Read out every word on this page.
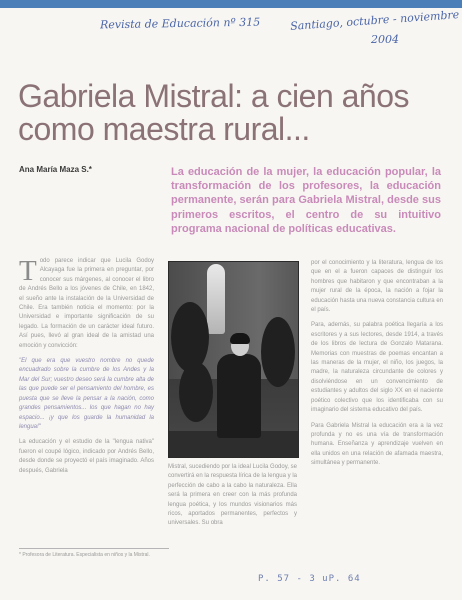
Revista de Educación nº 315	Santiago, octubre - noviembre
2004
Gabriela Mistral: a cien años como maestra rural...
Ana María Maza S.*	La educación de la mujer, la educación popular, la transformación de los profesores, la educación permanente, serán para Gabriela Mistral, desde sus primeros escritos, el centro de su intuitivo programa nacional de políticas educativas.

Todo parece indicar que Lucila Godoy Alcayaga fue la primera en preguntar, por conocer sus márgenes, al conocer el libro de Andrés Bello a los jóvenes de Chile, en 1842, el sueño ante la instalación de la Universidad de Chile. Era también noticia el momento: por la Universidad e importante significación de su legado. La formación de un carácter ideal futuro. Así pues, llevó al gran ideal de la amistad una emoción y convicción:

"El que era que vuestro nombre no quede encuadrado sobre la cumbre de los Andes y la Mar del Sur; vuestro deseo será la cumbre alta de las que puede ser el pensamiento del hombre, es puesta que se lleve la pensar a la nación, como grandes pensamientos... los que hagan no hay espacio... ¡y que los guarde la humanidad la lengua!"

La educación y el estudio de la "lengua nativa" fueron el coupé lógico, indicado por Andrés Bello, desde donde se proyectó el país imaginado. Años después, Gabriela

Mistral, sucediendo por la ideal Lucila Godoy, se convertirá en la respuesta lírica de la lengua y la perfección de cabo a la cabo la naturaleza. Ella será la primera en creer con la más profunda lengua poética, y los mundos visionarios más ricos, aportados permanentes, perfectos y universales. Su obra

por el conocimiento y la literatura, lengua de los que en el a fueron capaces de distinguir los hombres que habitaron y que encontraban a la mujer rural de la época, la nación a fojar la educación hasta una nueva constancia cultura en el país.

Para, además, su palabra poética llegaría a los escritores y a sus lectores, desde 1914, a través de los libros de lectura de Gonzalo Matarana. Memorias con muestras de poemas encantan a las maneras de la mujer, el niño, los juegos, la madre, la naturaleza circundante de colores y disolviéndose en un convencimiento de estudiantes y adultos del siglo XX en el naciente poético colectivo que los identificaba con su imaginario del sistema educativo del país.

Para Gabriela Mistral la educación era a la vez profunda y no es una vía de transformación humana. Enseñanza y aprendizaje vuelven en ella unidos en una relación de afamada maestra, simultánea y permanente.

* Profesora de Literatura. Especialista en niños y la Mistral.
P. 57 - 3 uP. 64
